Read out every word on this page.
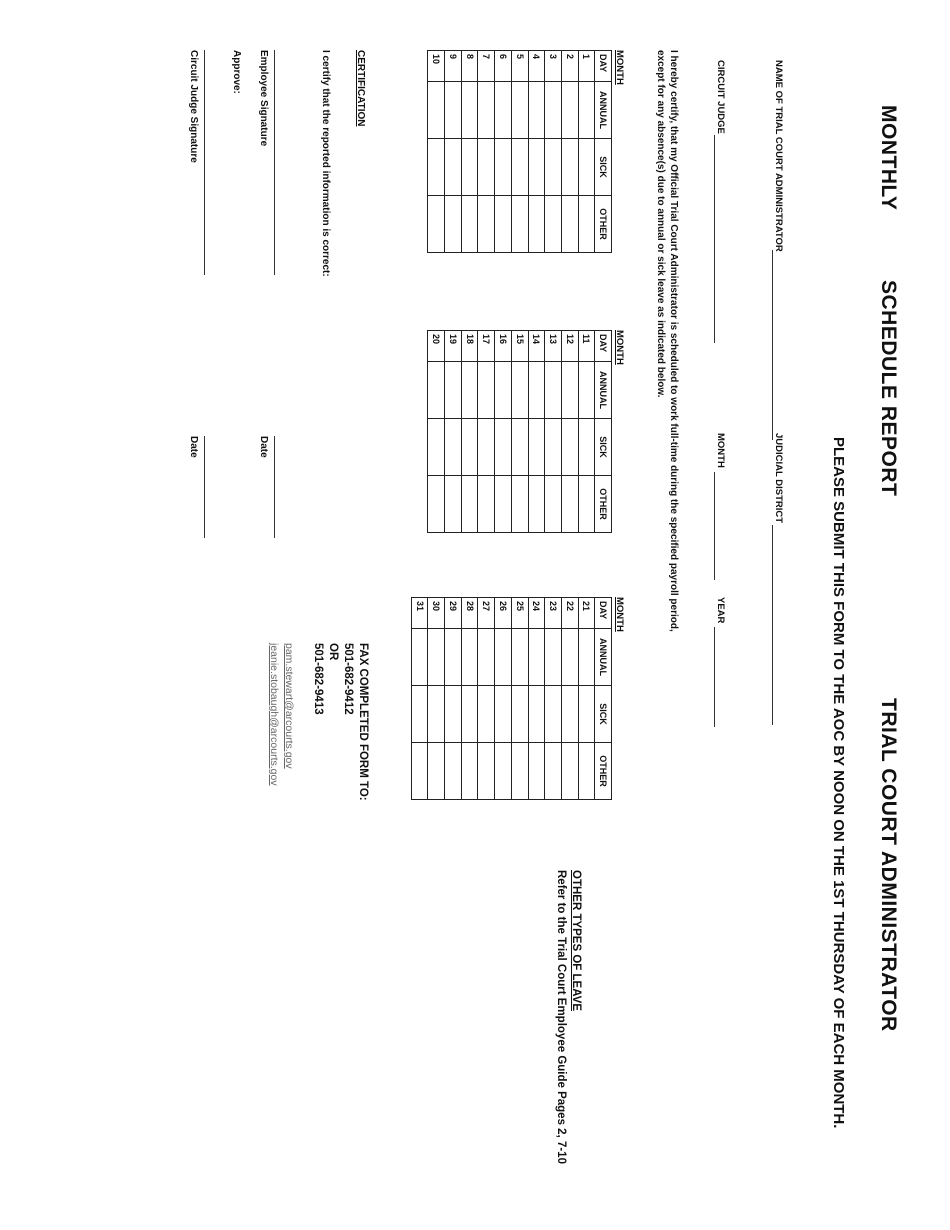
MONTHLY
SCHEDULE REPORT
TRIAL COURT ADMINISTRATOR
PLEASE SUBMIT THIS FORM TO THE AOC BY NOON ON THE 1ST THURSDAY OF EACH MONTH.
NAME OF TRIAL COURT ADMINISTRATOR
JUDICIAL DISTRICT
CIRCUIT JUDGE
MONTH
YEAR
I hereby certify, that my Official Trial Court Administrator is scheduled to work full-time during the specified payroll period,
except for any absence(s) due to annual or sick leave as indicated below.
MONTH
MONTH
MONTH
DAY	ANNUAL	SICK	OTHER
1			
2			
3			
4			
5			
6			
7			
8			
9			
10			
DAY	ANNUAL	SICK	OTHER
11			
12			
13			
14			
15			
16			
17			
18			
19			
20			
DAY	ANNUAL	SICK	OTHER
21			
22			
23			
24			
25			
26			
27			
28			
29			
30			
31			
OTHER TYPES OF LEAVE
Refer to the Trial Court Employee Guide Pages 2, 7-10
CERTIFICATION
I certify that the reported information is correct:
Employee Signature
Date
Approve:
Circuit Judge Signature
Date
FAX COMPLETED FORM TO:
501-682-9412
OR
501-682-9413
pam.stewart@arcourts.gov
jeanie.stobaugh@arcourts.gov
